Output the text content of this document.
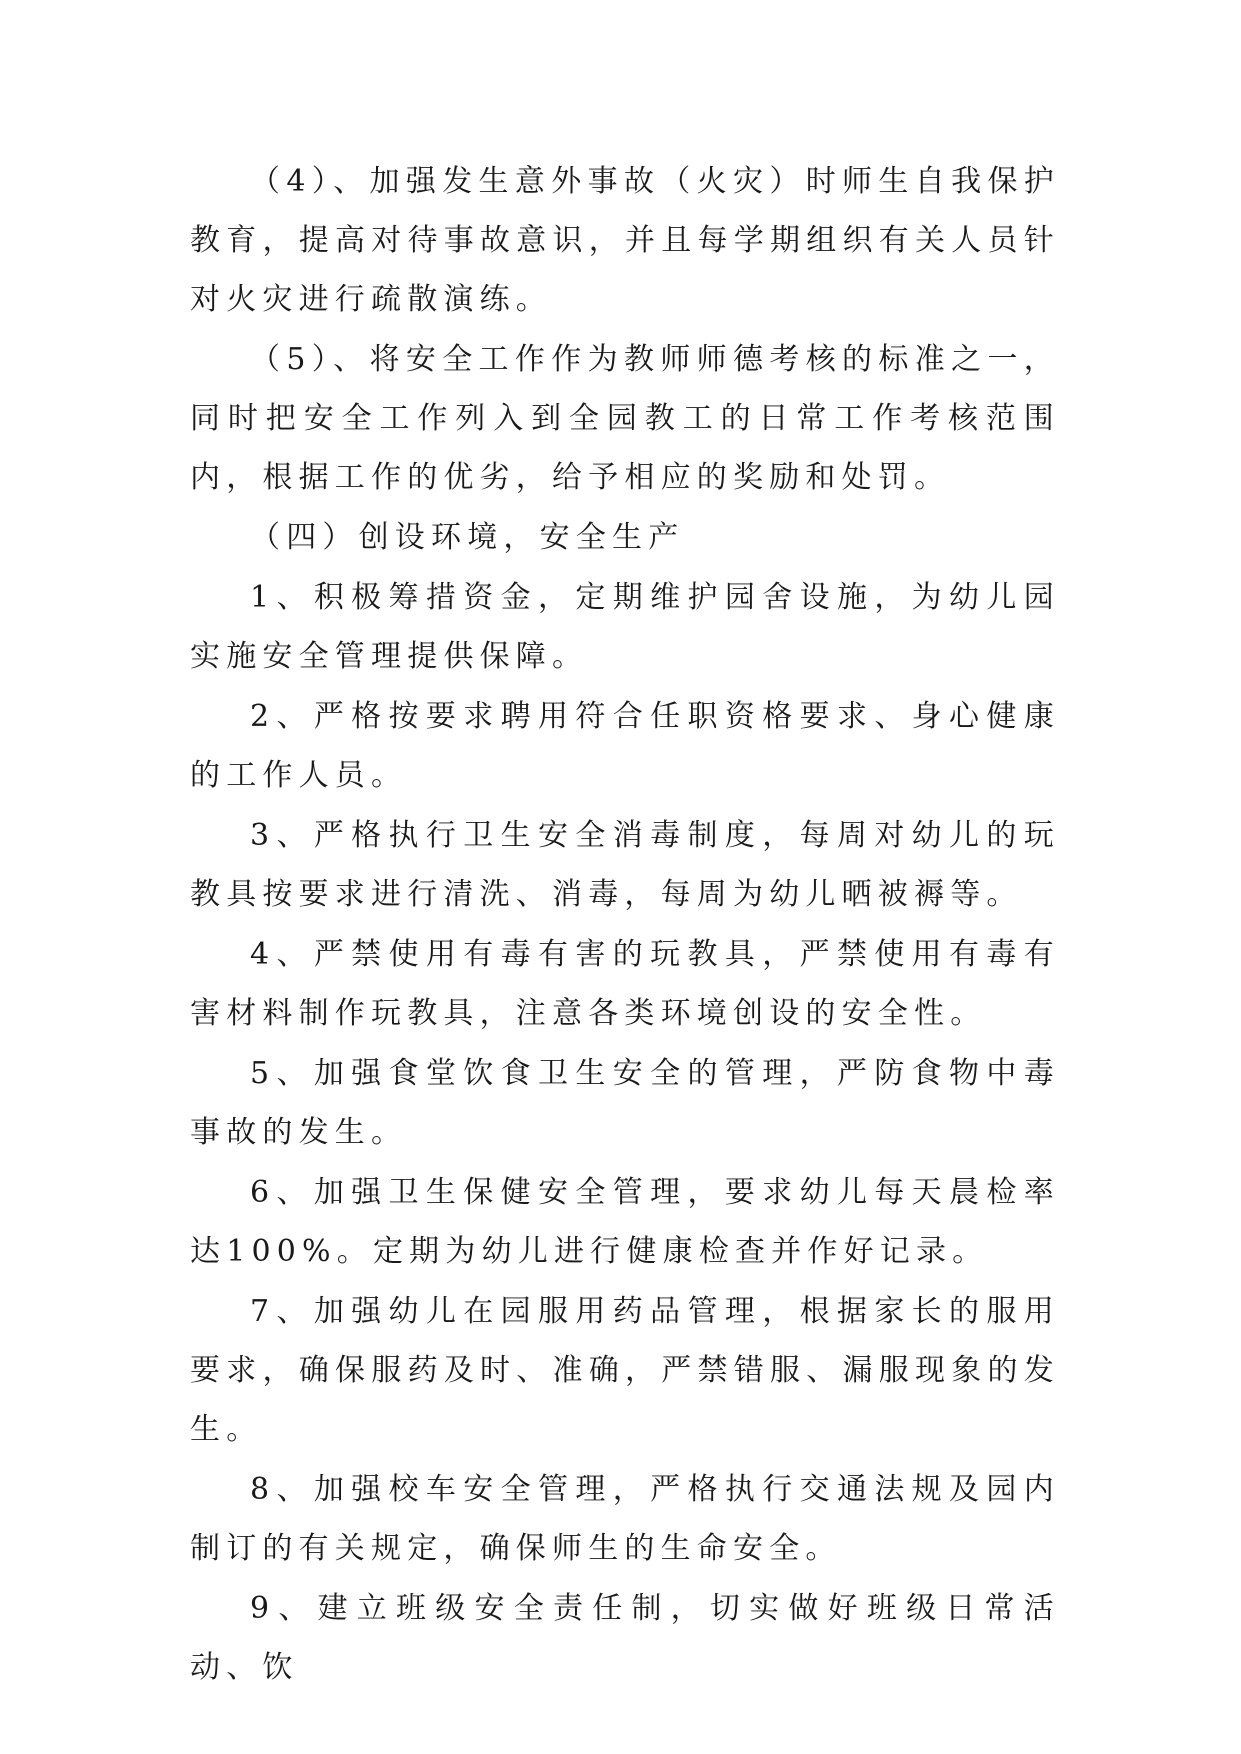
（4）、加强发生意外事故（火灾）时师生自我保护教育，提高对待事故意识，并且每学期组织有关人员针对火灾进行疏散演练。

（5）、将安全工作作为教师师德考核的标准之一，同时把安全工作列入到全园教工的日常工作考核范围内，根据工作的优劣，给予相应的奖励和处罚。

（四）创设环境，安全生产

1、积极筹措资金，定期维护园舍设施，为幼儿园实施安全管理提供保障。

2、严格按要求聘用符合任职资格要求、身心健康的工作人员。

3、严格执行卫生安全消毒制度，每周对幼儿的玩教具按要求进行清洗、消毒，每周为幼儿晒被褥等。

4、严禁使用有毒有害的玩教具，严禁使用有毒有害材料制作玩教具，注意各类环境创设的安全性。

5、加强食堂饮食卫生安全的管理，严防食物中毒事故的发生。

6、加强卫生保健安全管理，要求幼儿每天晨检率达100%。定期为幼儿进行健康检查并作好记录。

7、加强幼儿在园服用药品管理，根据家长的服用要求，确保服药及时、准确，严禁错服、漏服现象的发生。

8、加强校车安全管理，严格执行交通法规及园内制订的有关规定，确保师生的生命安全。

9、建立班级安全责任制，切实做好班级日常活动、饮
